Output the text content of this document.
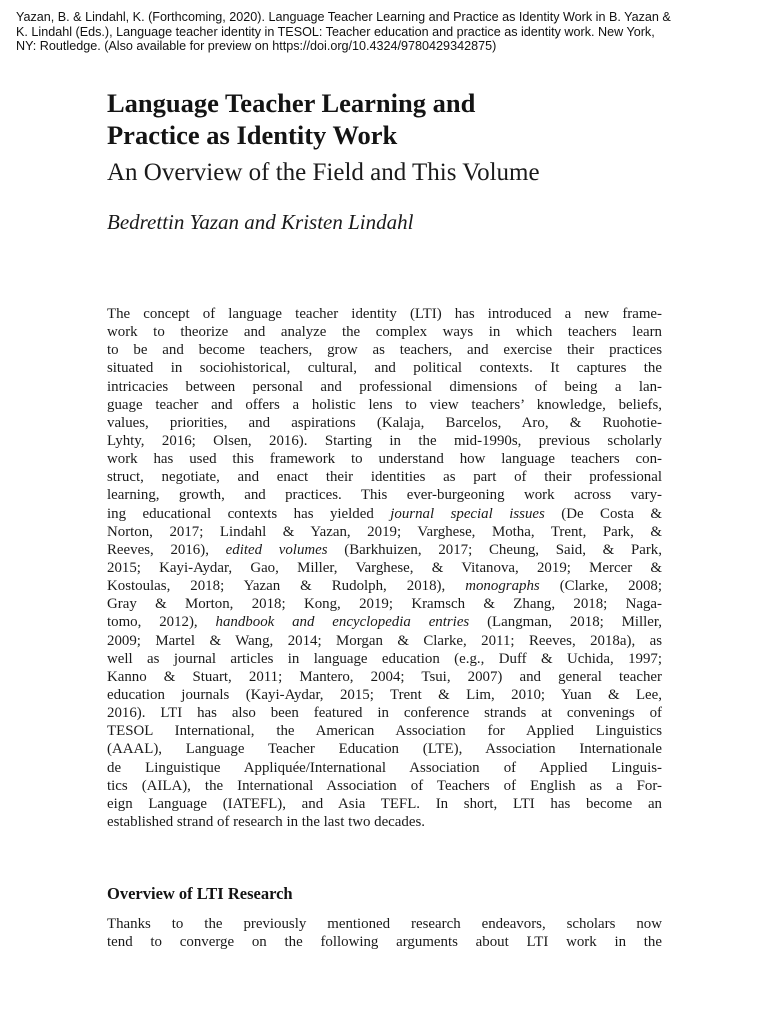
Yazan, B. & Lindahl, K. (Forthcoming, 2020). Language Teacher Learning and Practice as Identity Work in B. Yazan &
K. Lindahl (Eds.), Language teacher identity in TESOL: Teacher education and practice as identity work. New York,
NY: Routledge. (Also available for preview on https://doi.org/10.4324/9780429342875)
Language Teacher Learning and
Practice as Identity Work
An Overview of the Field and This Volume
Bedrettin Yazan and Kristen Lindahl
The concept of language teacher identity (LTI) has introduced a new frame-
work to theorize and analyze the complex ways in which teachers learn
to be and become teachers, grow as teachers, and exercise their practices
situated in sociohistorical, cultural, and political contexts. It captures the
intricacies between personal and professional dimensions of being a lan-
guage teacher and offers a holistic lens to view teachers’ knowledge, beliefs,
values, priorities, and aspirations (Kalaja, Barcelos, Aro, & Ruohotie-
Lyhty, 2016; Olsen, 2016). Starting in the mid-1990s, previous scholarly
work has used this framework to understand how language teachers con-
struct, negotiate, and enact their identities as part of their professional
learning, growth, and practices. This ever-burgeoning work across vary-
ing educational contexts has yielded journal special issues (De Costa &
Norton, 2017; Lindahl & Yazan, 2019; Varghese, Motha, Trent, Park, &
Reeves, 2016), edited volumes (Barkhuizen, 2017; Cheung, Said, & Park,
2015; Kayi-Aydar, Gao, Miller, Varghese, & Vitanova, 2019; Mercer &
Kostoulas, 2018; Yazan & Rudolph, 2018), monographs (Clarke, 2008;
Gray & Morton, 2018; Kong, 2019; Kramsch & Zhang, 2018; Naga-
tomo, 2012), handbook and encyclopedia entries (Langman, 2018; Miller,
2009; Martel & Wang, 2014; Morgan & Clarke, 2011; Reeves, 2018a), as
well as journal articles in language education (e.g., Duff & Uchida, 1997;
Kanno & Stuart, 2011; Mantero, 2004; Tsui, 2007) and general teacher
education journals (Kayi-Aydar, 2015; Trent & Lim, 2010; Yuan & Lee,
2016). LTI has also been featured in conference strands at convenings of
TESOL International, the American Association for Applied Linguistics
(AAAL), Language Teacher Education (LTE), Association Internationale
de Linguistique Appliquée/International Association of Applied Linguis-
tics (AILA), the International Association of Teachers of English as a For-
eign Language (IATEFL), and Asia TEFL. In short, LTI has become an
established strand of research in the last two decades.
Overview of LTI Research
Thanks to the previously mentioned research endeavors, scholars now
tend to converge on the following arguments about LTI work in the
